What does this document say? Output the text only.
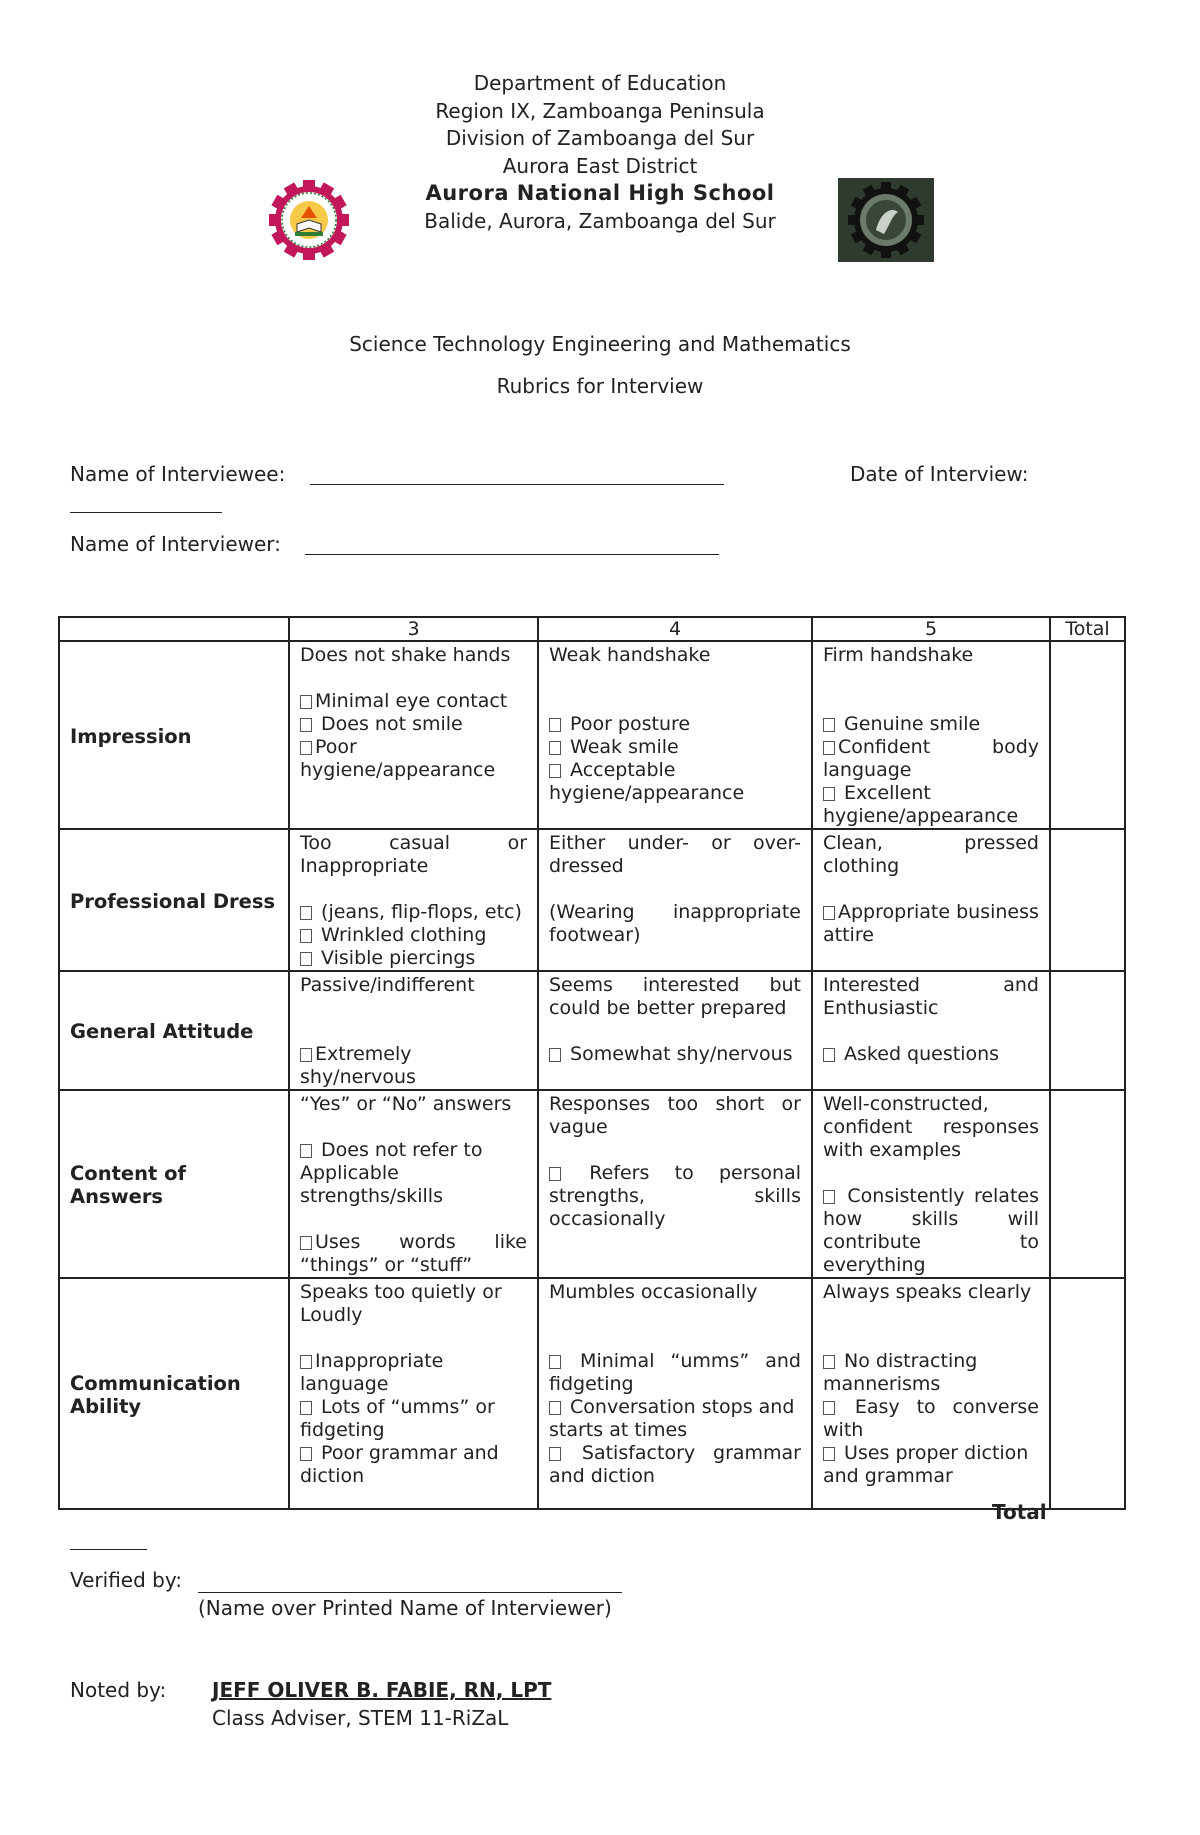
Department of Education
Region IX, Zamboanga Peninsula
Division of Zamboanga del Sur
Aurora East District
Aurora National High School
Balide, Aurora, Zamboanga del Sur
Science Technology Engineering and Mathematics
Rubrics for Interview
Name of Interviewee:	Date of Interview:
Name of Interviewer:
	3	4	5	Total
Impression	Does not shake hands
Minimal eye contact
Does not smile
Poor hygiene/appearance	Weak handshake
Poor posture
Weak smile
Acceptable hygiene/appearance	Firm handshake
Genuine smile
Confident body language
Excellent hygiene/appearance	

Professional Dress	Too casual or Inappropriate
(jeans, flip-flops, etc)
Wrinkled clothing
Visible piercings	Either under- or over-dressed
(Wearing inappropriate footwear)	Clean, pressed clothing
Appropriate business attire	

General Attitude	Passive/indifferent
Extremely shy/nervous	Seems interested but could be better prepared
Somewhat shy/nervous	Interested and Enthusiastic
Asked questions	

Content of Answers	“Yes” or “No” answers
Does not refer to Applicable strengths/skills
Uses words like “things” or “stuff”	Responses too short or vague
Refers to personal strengths, skills occasionally	Well-constructed, confident responses with examples
Consistently relates how skills will contribute to everything	

Communication Ability	Speaks too quietly or Loudly
Inappropriate language
Lots of “umms” or fidgeting
Poor grammar and diction	Mumbles occasionally
Minimal “umms” and fidgeting
Conversation stops and starts at times
Satisfactory grammar and diction	Always speaks clearly
No distracting mannerisms
Easy to converse with
Uses proper diction and grammar	

Total
Verified by:
(Name over Printed Name of Interviewer)
Noted by: JEFF OLIVER B. FABIE, RN, LPT
Class Adviser, STEM 11-RiZaL
